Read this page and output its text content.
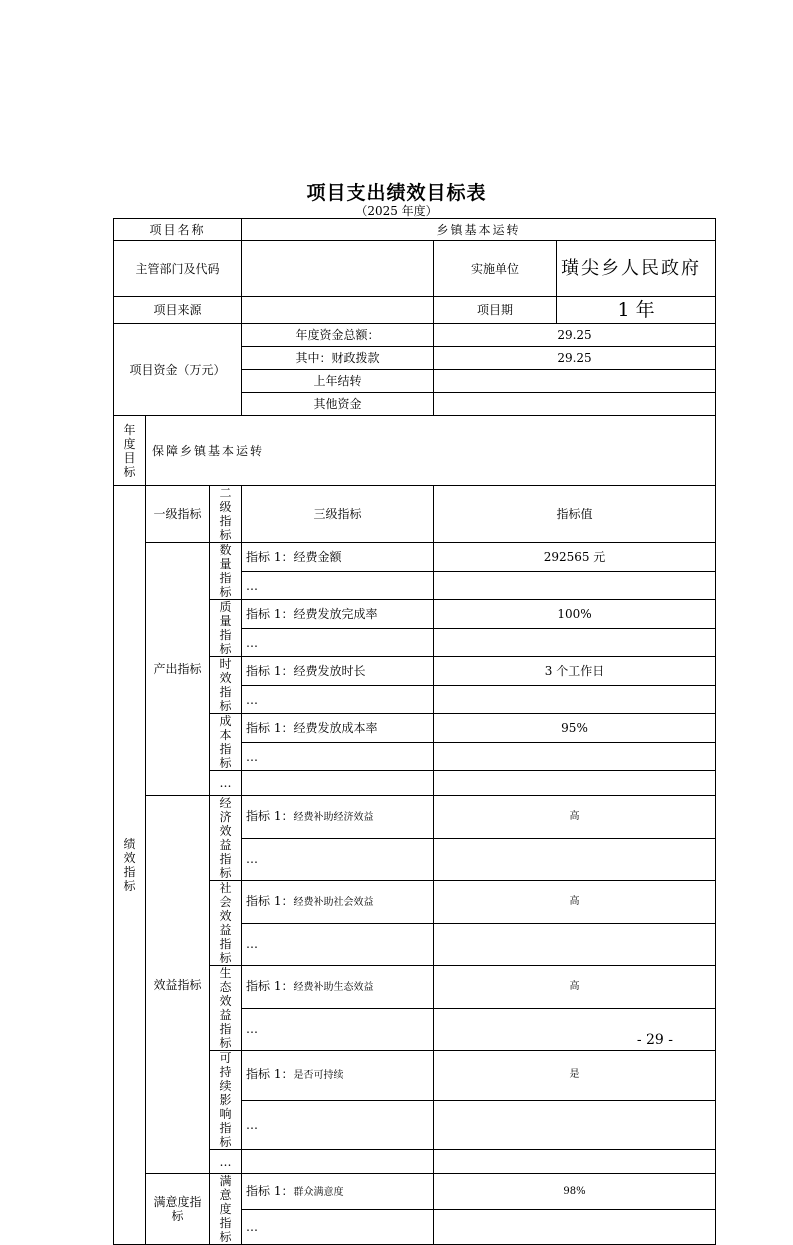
项目支出绩效目标表
（2025 年度）
项目名称			乡镇基本运转		
主管部门及代码				实施单位	璜尖乡人民政府
项目来源				项目期	1 年
项目资金（万元）			年度资金总额：	29.25	
			其中：财政拨款	29.25	
			上年结转		
			其他资金		
年度目标	保障乡镇基本运转				
绩效指标	一级指标	二级指标	三级指标	指标值	
	产出指标	数量指标	指标 1：经费金额	292565 元	
			…		
		质量指标	指标 1：经费发放完成率	100%	
			…		
		时效指标	指标 1：经费发放时长	3 个工作日	
			…		
		成本指标	指标 1：经费发放成本率	95%	
			…		
		…			
	效益指标	经济效益指标	指标 1：经费补助经济效益	高	
			…		
		社会效益指标	指标 1：经费补助社会效益	高	
			…		
		生态效益指标	指标 1：经费补助生态效益	高	
			…		
		可持续影响指标	指标 1：是否可持续	是	
			…		
		…			
	满意度指标	满意度指标	指标 1：群众满意度	98%	
			…		
- 29 -
